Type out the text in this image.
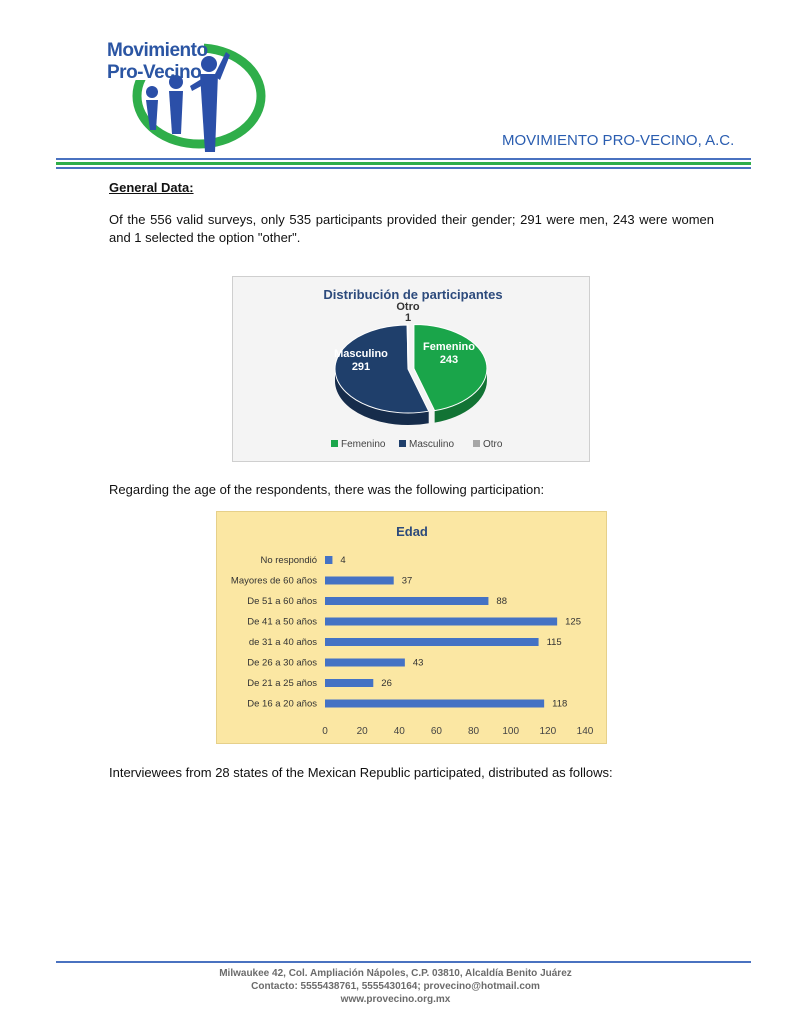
Movimiento
Pro-Vecino
MOVIMIENTO PRO-VECINO, A.C.
General Data:
Of the 556 valid surveys, only 535 participants provided their gender; 291 were men, 243 were women and 1 selected the option "other".
Distribución de participantes
Femenino
243
Masculino
291
Otro
1
Femenino Masculino	Otro
Regarding the age of the respondents, there was the following participation:
Edad
No respondió
Mayores de 60 años
De 51 a 60 años
De 41 a 50 años
de 31 a 40 años
De 26 a 30 años
De 21 a 25 años
De 16 a 20 años
4
37
88
125
115
43
26
118
0	20	40	60	80 100 120 140
Interviewees from 28 states of the Mexican Republic participated, distributed as follows:
Milwaukee 42, Col. Ampliación Nápoles, C.P. 03810, Alcaldía Benito Juárez
Contacto: 5555438761, 5555430164; provecino@hotmail.com
www.provecino.org.mx
